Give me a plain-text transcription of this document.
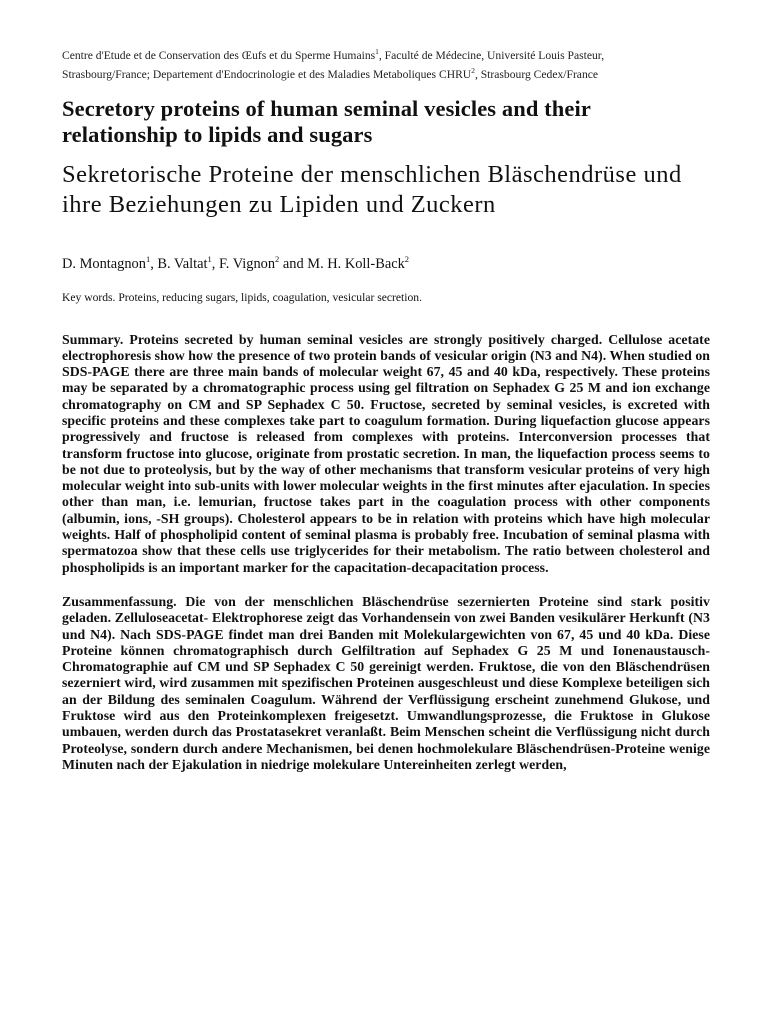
Centre d'Etude et de Conservation des Œufs et du Sperme Humains$^1$, Faculté de Médecine, Université Louis Pasteur,
Strasbourg/France; Departement d'Endocrinologie et des Maladies Metaboliques CHRU$^2$, Strasbourg Cedex/France

Secretory proteins of human seminal vesicles and their relationship to lipids and sugars
Sekretorische Proteine der menschlichen Bläschendrüse und ihre Beziehungen zu Lipiden und Zuckern

D. Montagnon$^1$, B. Valtat$^1$, F. Vignon$^2$ and M. H. Koll-Back$^2$

Key words. Proteins, reducing sugars, lipids, coagulation, vesicular secretion.

Summary. Proteins secreted by human seminal vesicles are strongly positively charged. Cellulose acetate electrophoresis show how the presence of two protein bands of vesicular origin (N3 and N4). When studied on SDS-PAGE there are three main bands of molecular weight 67, 45 and 40 kDa, respectively. These proteins may be separated by a chromatographic process using gel filtration on Sephadex G 25 M and ion exchange chromatography on CM and SP Sephadex C 50. Fructose, secreted by seminal vesicles, is excreted with specific proteins and these complexes take part to coagulum formation. During liquefaction glucose appears progressively and fructose is released from complexes with proteins. Interconversion processes that transform fructose into glucose, originate from prostatic secretion. In man, the liquefaction process seems to be not due to proteolysis, but by the way of other mechanisms that transform vesicular proteins of very high molecular weight into sub-units with lower molecular weights in the first minutes after ejaculation. In species other than man, i.e. lemurian, fructose takes part in the coagulation process with other components (albumin, ions, -SH groups). Cholesterol appears to be in relation with proteins which have high molecular weights. Half of phospholipid content of seminal plasma is probably free. Incubation of seminal plasma with spermatozoa show that these cells use triglycerides for their metabolism. The ratio between cholesterol and phospholipids is an important marker for the capacitation-decapacitation process.

Zusammenfassung. Die von der menschlichen Bläschendrüse sezernierten Proteine sind stark positiv geladen. Zelluloseacetat- Elektrophorese zeigt das Vorhandensein von zwei Banden vesikulärer Herkunft (N3 und N4). Nach SDS-PAGE findet man drei Banden mit Molekulargewichten von 67, 45 und 40 kDa. Diese Proteine können chromatographisch durch Gelfiltration auf Sephadex G 25 M und Ionenaustausch- Chromatographie auf CM und SP Sephadex C 50 gereinigt werden. Fruktose, die von den Bläschendrüsen sezerniert wird, wird zusammen mit spezifischen Proteinen ausgeschleust und diese Komplexe beteiligen sich an der Bildung des seminalen Coagulum. Während der Verflüssigung erscheint zunehmend Glukose, und Fruktose wird aus den Proteinkomplexen freigesetzt. Umwandlungsprozesse, die Fruktose in Glukose umbauen, werden durch das Prostatasekret veranlaßt. Beim Menschen scheint die Verflüssigung nicht durch Proteolyse, sondern durch andere Mechanismen, bei denen hochmolekulare Bläschendrüsen-Proteine wenige Minuten nach der Ejakulation in niedrige molekulare Untereinheiten zerlegt werden,
